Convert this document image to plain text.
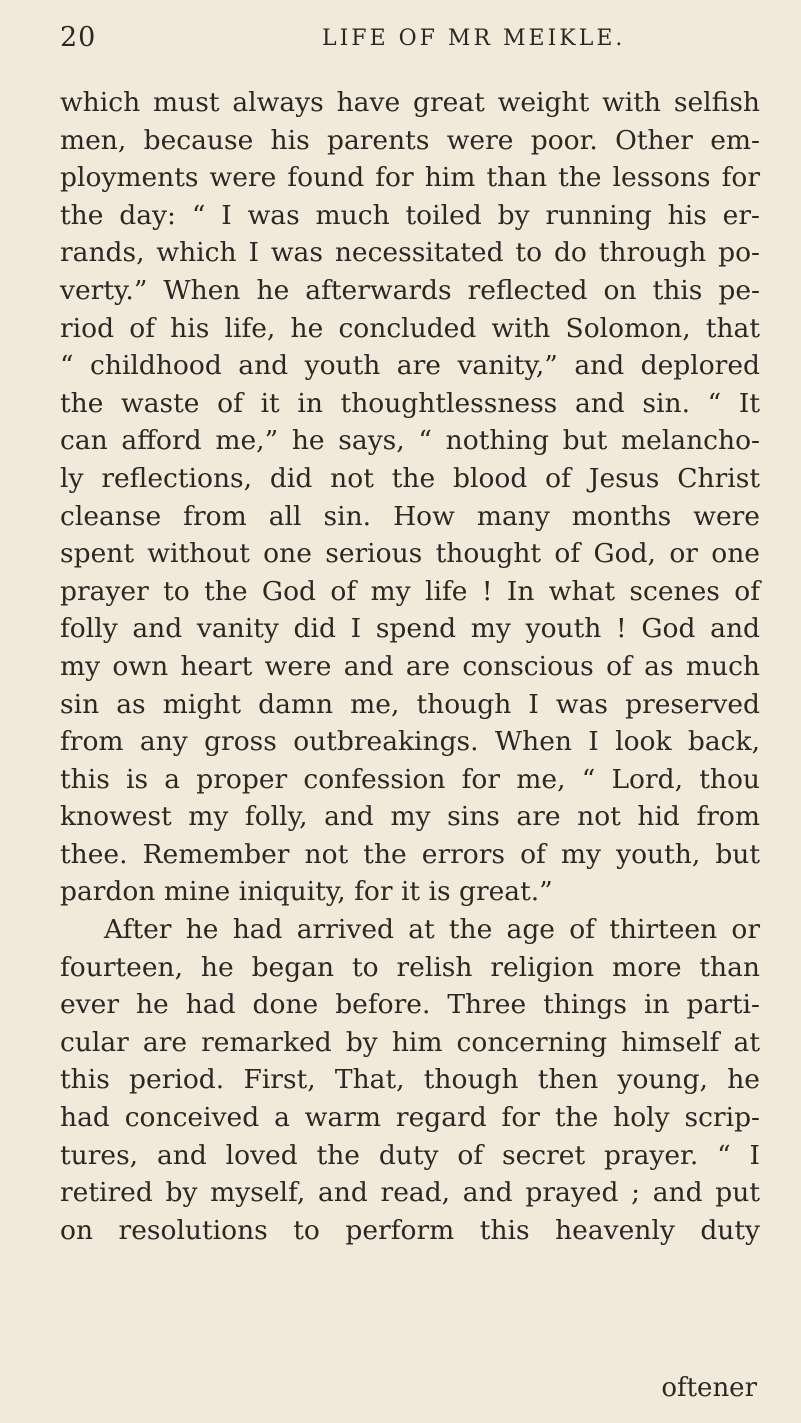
20	LIFE OF MR MEIKLE.
which must always have great weight with selfish
men, because his parents were poor. Other em-
ployments were found for him than the lessons for
the day: “ I was much toiled by running his er-
rands, which I was necessitated to do through po-
verty.” When he afterwards reflected on this pe-
riod of his life, he concluded with Solomon, that
“ childhood and youth are vanity,” and deplored
the waste of it in thoughtlessness and sin. “ It
can afford me,” he says, “ nothing but melancho-
ly reflections, did not the blood of Jesus Christ
cleanse from all sin. How many months were
spent without one serious thought of God, or one
prayer to the God of my life ! In what scenes of
folly and vanity did I spend my youth ! God and
my own heart were and are conscious of as much
sin as might damn me, though I was preserved
from any gross outbreakings. When I look back,
this is a proper confession for me, “ Lord, thou
knowest my folly, and my sins are not hid from
thee. Remember not the errors of my youth, but
pardon mine iniquity, for it is great.”
After he had arrived at the age of thirteen or
fourteen, he began to relish religion more than
ever he had done before. Three things in parti-
cular are remarked by him concerning himself at
this period. First, That, though then young, he
had conceived a warm regard for the holy scrip-
tures, and loved the duty of secret prayer. “ I
retired by myself, and read, and prayed ; and put
on resolutions to perform this heavenly duty
oftener
